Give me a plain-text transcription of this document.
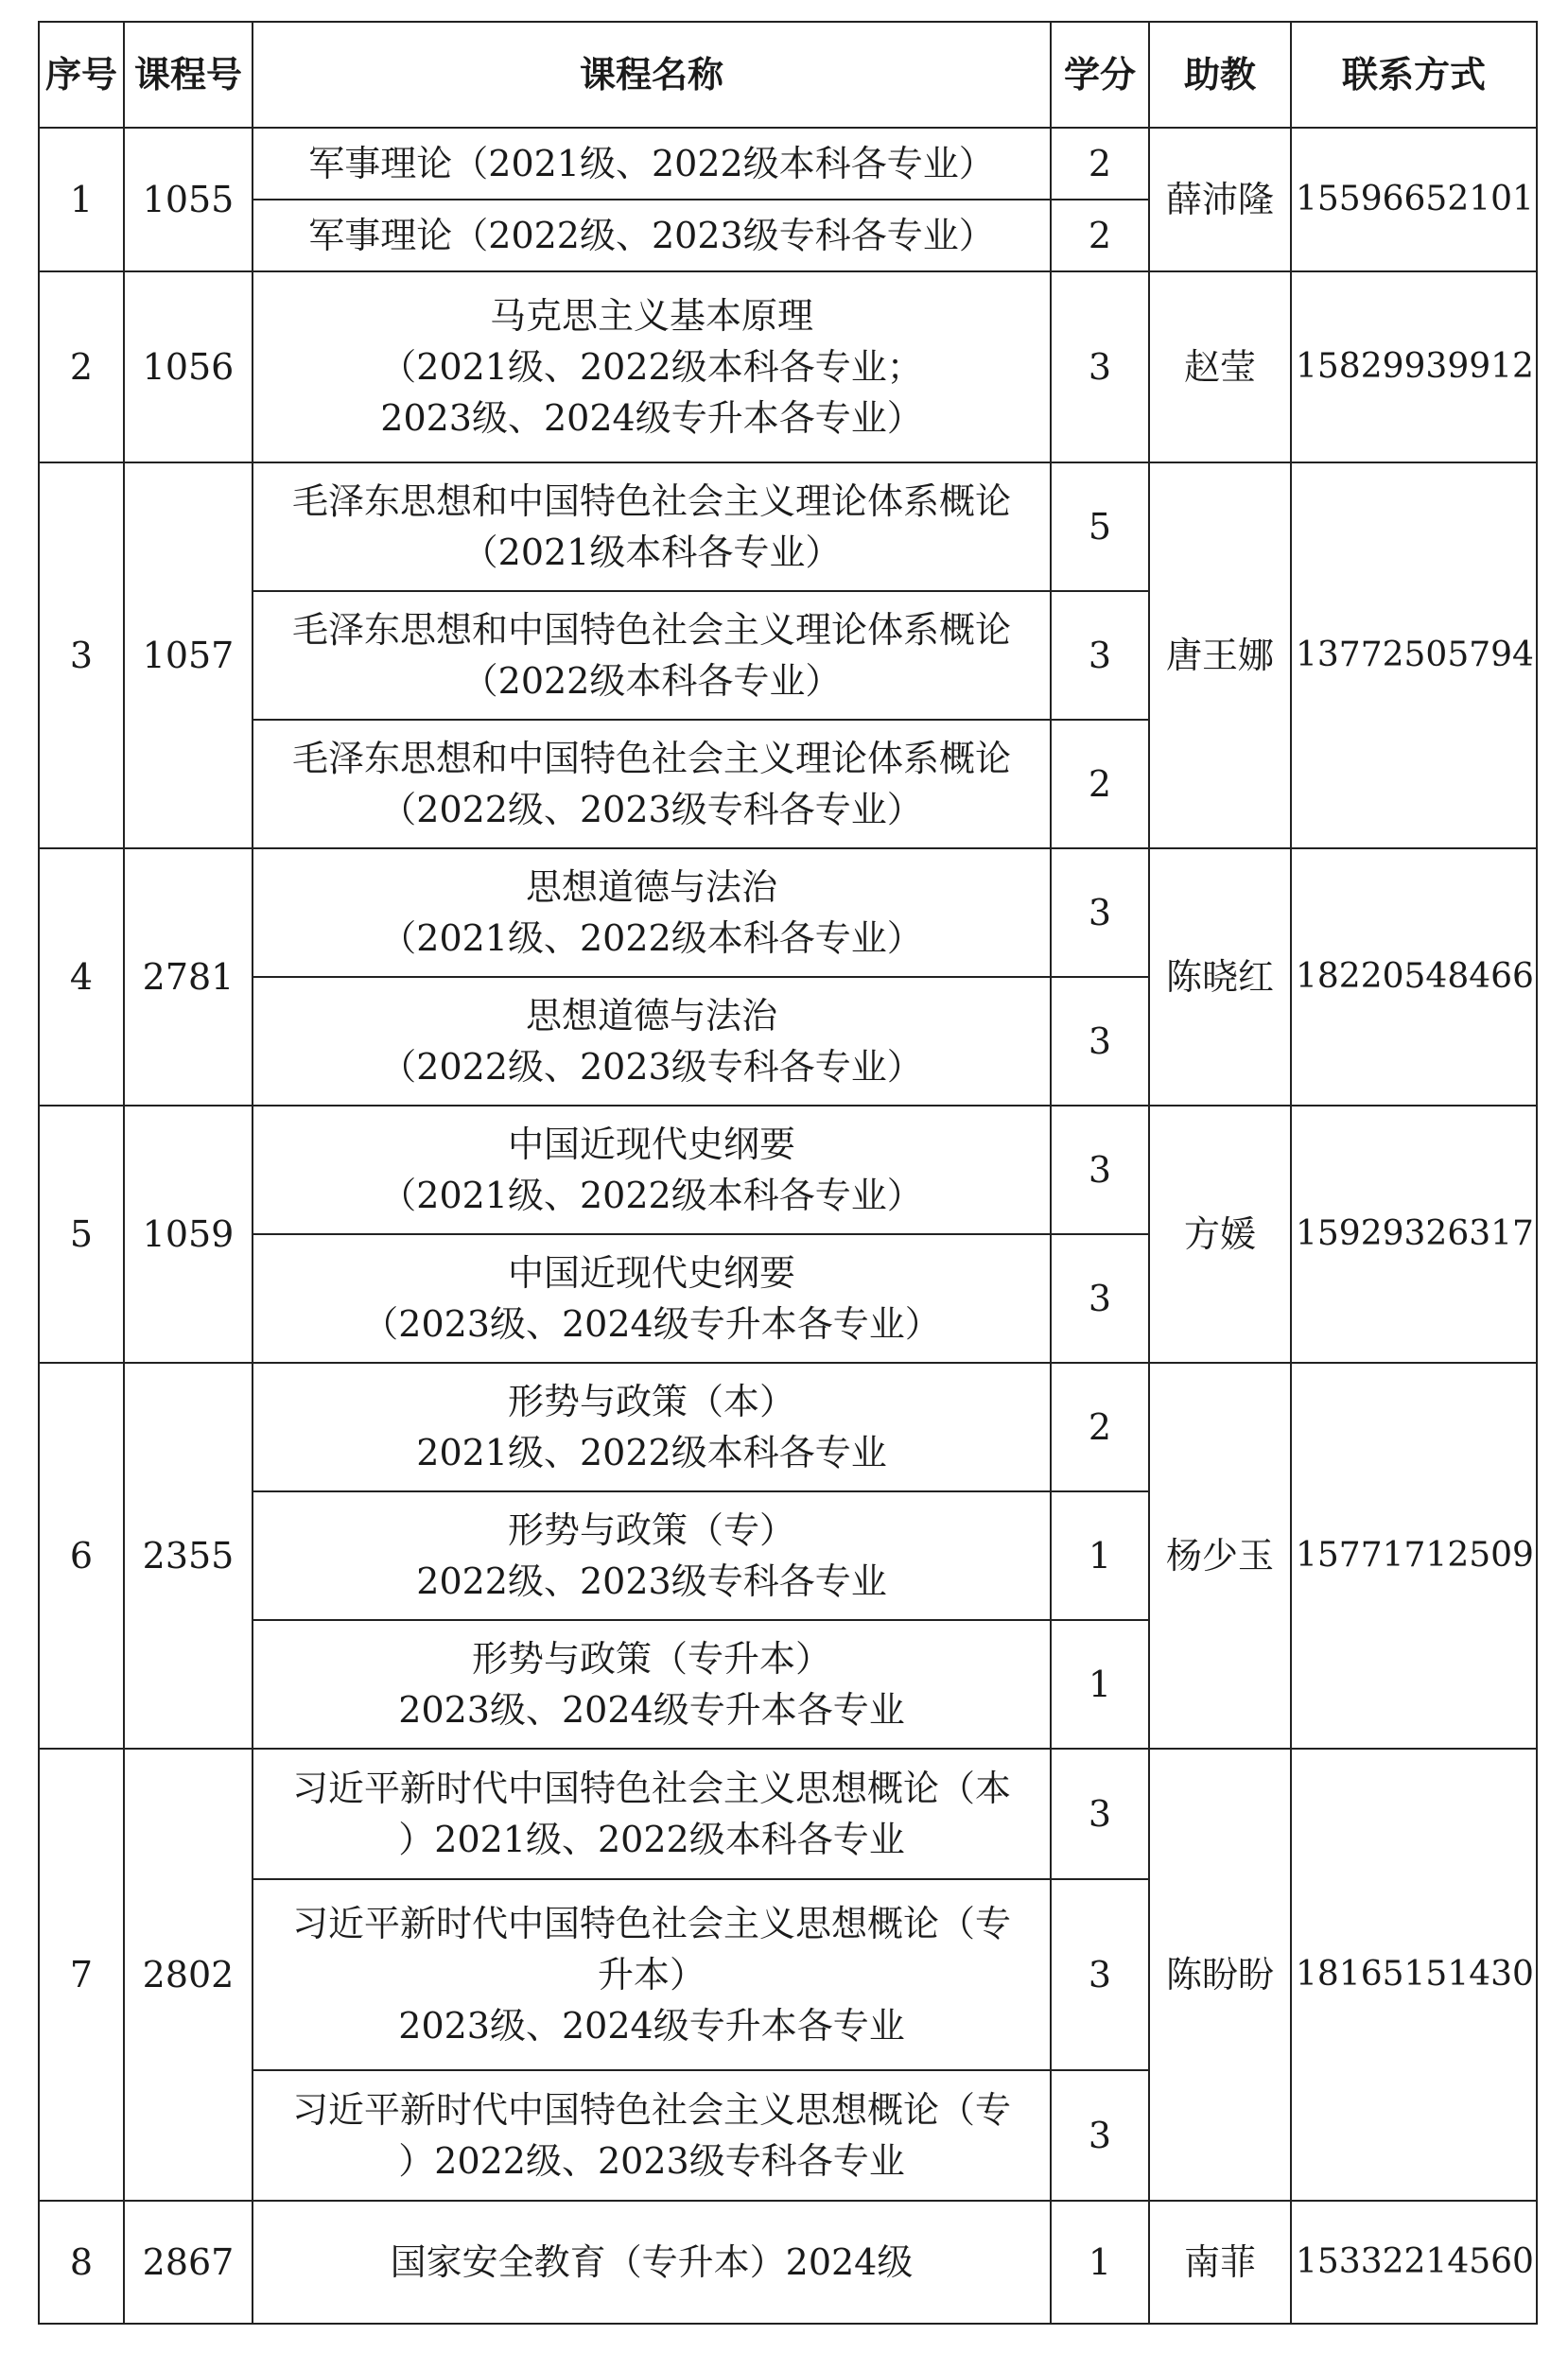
序号	课程号	课程名称	学分	助教	联系方式
1	1055	军事理论（2021级、2022级本科各专业）	2	薛沛隆	15596652101

		军事理论（2022级、2023级专科各专业）	2		
2	1056	马克思主义基本原理
（2021级、2022级本科各专业；
2023级、2024级专升本各专业）	3	赵莹	15829939912
3	1057	毛泽东思想和中国特色社会主义理论体系概论
（2021级本科各专业）	5	唐王娜	13772505794

		毛泽东思想和中国特色社会主义理论体系概论
（2022级本科各专业）	3		

		毛泽东思想和中国特色社会主义理论体系概论
（2022级、2023级专科各专业）	2		
4	2781	思想道德与法治
（2021级、2022级本科各专业）	3	陈晓红	18220548466

		思想道德与法治
（2022级、2023级专科各专业）	3		
5	1059	中国近现代史纲要
（2021级、2022级本科各专业）	3	方媛	15929326317

		中国近现代史纲要
（2023级、2024级专升本各专业）	3		
6	2355	形势与政策（本）
2021级、2022级本科各专业	2	杨少玉	15771712509

		形势与政策（专）
2022级、2023级专科各专业	1		

		形势与政策（专升本）
2023级、2024级专升本各专业	1		
7	2802	习近平新时代中国特色社会主义思想概论（本
）2021级、2022级本科各专业	3	陈盼盼	18165151430

		习近平新时代中国特色社会主义思想概论（专
升本）
2023级、2024级专升本各专业	3		

		习近平新时代中国特色社会主义思想概论（专
）2022级、2023级专科各专业	3		
8	2867	国家安全教育（专升本）2024级	1	南菲	15332214560
